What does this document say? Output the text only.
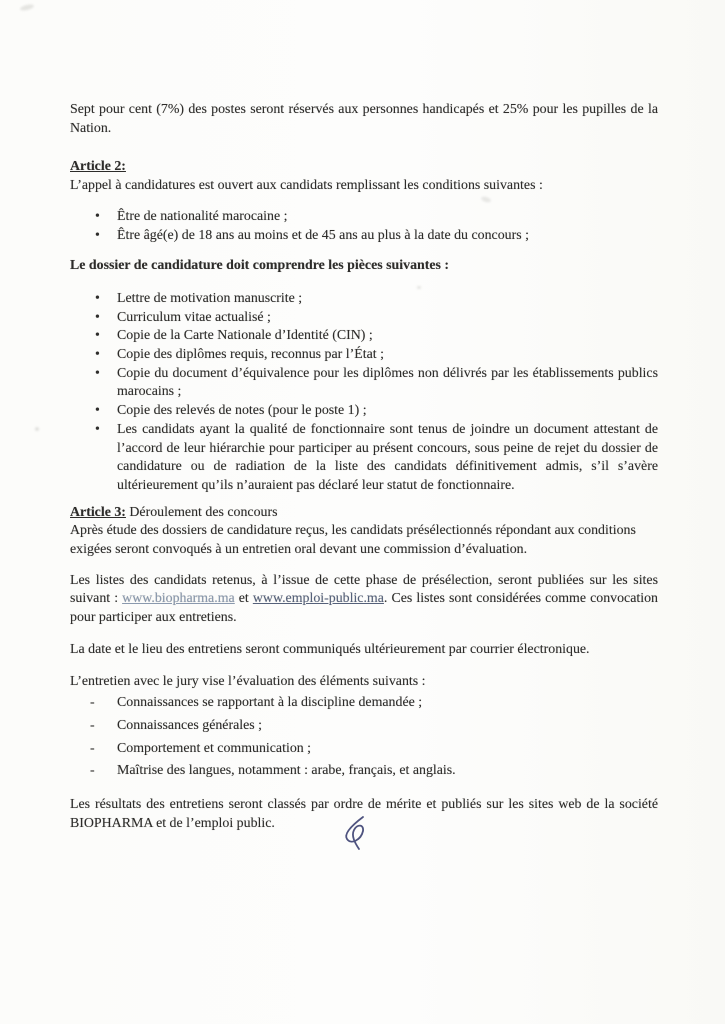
Sept pour cent (7%) des postes seront réservés aux personnes handicapés et 25% pour les pupilles de la Nation.

Article 2:

L’appel à candidatures est ouvert aux candidats remplissant les conditions suivantes :

• Être de nationalité marocaine ;
• Être âgé(e) de 18 ans au moins et de 45 ans au plus à la date du concours ;

Le dossier de candidature doit comprendre les pièces suivantes :

• Lettre de motivation manuscrite ;
• Curriculum vitae actualisé ;
• Copie de la Carte Nationale d’Identité (CIN) ;
• Copie des diplômes requis, reconnus par l’État ;
• Copie du document d’équivalence pour les diplômes non délivrés par les établissements publics marocains ;
• Copie des relevés de notes (pour le poste 1) ;
• Les candidats ayant la qualité de fonctionnaire sont tenus de joindre un document attestant de l’accord de leur hiérarchie pour participer au présent concours, sous peine de rejet du dossier de candidature ou de radiation de la liste des candidats définitivement admis, s’il s’avère ultérieurement qu’ils n’auraient pas déclaré leur statut de fonctionnaire.

Article 3: Déroulement des concours

Après étude des dossiers de candidature reçus, les candidats présélectionnés répondant aux conditions exigées seront convoqués à un entretien oral devant une commission d’évaluation.

Les listes des candidats retenus, à l’issue de cette phase de présélection, seront publiées sur les sites suivant : www.biopharma.ma et www.emploi-public.ma. Ces listes sont considérées comme convocation pour participer aux entretiens.

La date et le lieu des entretiens seront communiqués ultérieurement par courrier électronique.

L’entretien avec le jury vise l’évaluation des éléments suivants :

- Connaissances se rapportant à la discipline demandée ;
- Connaissances générales ;
- Comportement et communication ;
- Maîtrise des langues, notamment : arabe, français, et anglais.

Les résultats des entretiens seront classés par ordre de mérite et publiés sur les sites web de la société BIOPHARMA et de l’emploi public.
